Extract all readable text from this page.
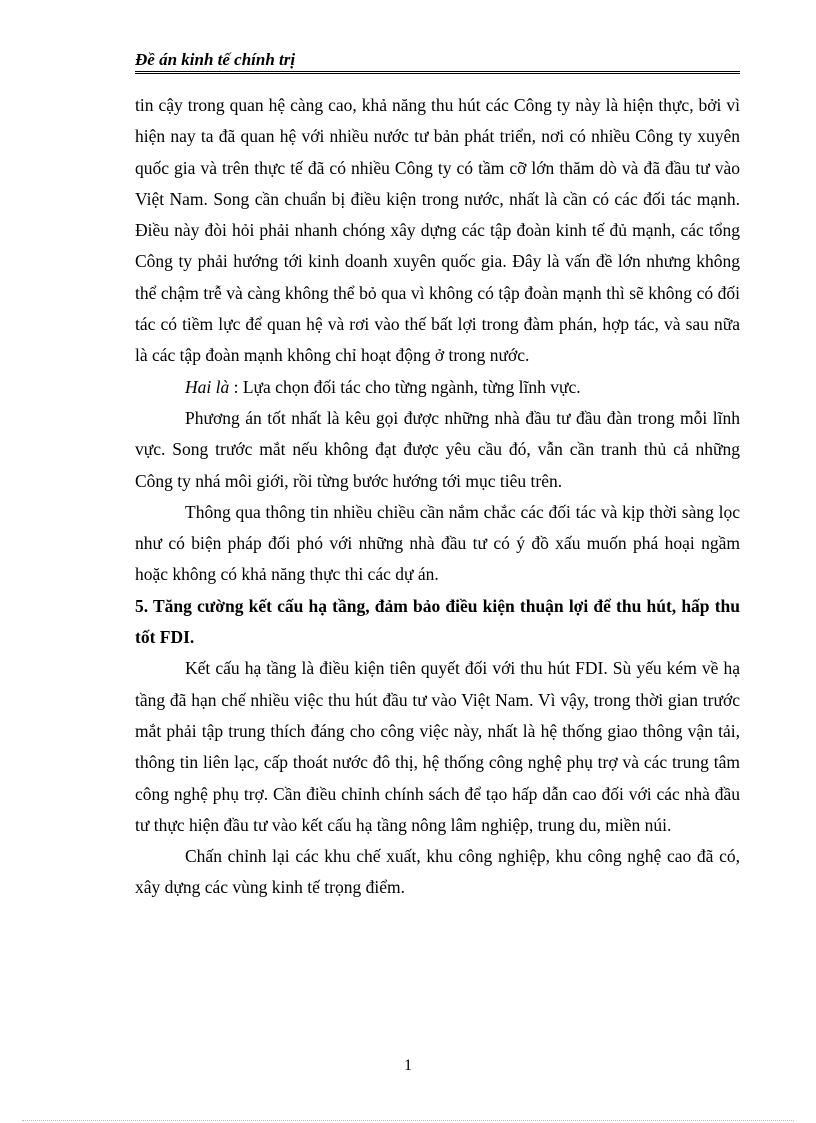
Đề án kinh tế chính trị

tin cậy trong quan hệ càng cao, khả năng thu hút các Công ty này là hiện thực, bởi vì hiện nay ta đã quan hệ với nhiều nước tư bản phát triển, nơi có nhiều Công ty xuyên quốc gia và trên thực tế đã có nhiều Công ty có tầm cỡ lớn thăm dò và đã đầu tư vào Việt Nam. Song cần chuẩn bị điều kiện trong nước, nhất là cần có các đối tác mạnh. Điều này đòi hỏi phải nhanh chóng xây dựng các tập đoàn kinh tế đủ mạnh, các tổng Công ty phải hướng tới kinh doanh xuyên quốc gia. Đây là vấn đề lớn nhưng không thể chậm trễ và càng không thể bỏ qua vì không có tập đoàn mạnh thì sẽ không có đối tác có tiềm lực để quan hệ và rơi vào thế bất lợi trong đàm phán, hợp tác, và sau nữa là các tập đoàn mạnh không chỉ hoạt động ở trong nước.

Hai là : Lựa chọn đối tác cho từng ngành, từng lĩnh vực.

Phương án tốt nhất là kêu gọi được những nhà đầu tư đầu đàn trong mỗi lĩnh vực. Song trước mắt nếu không đạt được yêu cầu đó, vẫn cần tranh thủ cả những Công ty nhá môi giới, rồi từng bước hướng tới mục tiêu trên.

Thông qua thông tin nhiều chiều cần nắm chắc các đối tác và kịp thời sàng lọc như có biện pháp đối phó với những nhà đầu tư có ý đồ xấu muốn phá hoại ngầm hoặc không có khả năng thực thi các dự án.

5. Tăng cường kết cấu hạ tầng, đảm bảo điều kiện thuận lợi để thu hút, hấp thu tốt FDI.

Kết cấu hạ tầng là điều kiện tiên quyết đối với thu hút FDI. Sù yếu kém về hạ tầng đã hạn chế nhiều việc thu hút đầu tư vào Việt Nam. Vì vậy, trong thời gian trước mắt phải tập trung thích đáng cho công việc này, nhất là hệ thống giao thông vận tải, thông tin liên lạc, cấp thoát nước đô thị, hệ thống công nghệ phụ trợ và các trung tâm công nghệ phụ trợ. Cần điều chỉnh chính sách để tạo hấp dẫn cao đối với các nhà đầu tư thực hiện đầu tư vào kết cấu hạ tầng nông lâm nghiệp, trung du, miền núi.

Chấn chỉnh lại các khu chế xuất, khu công nghiệp, khu công nghệ cao đã có, xây dựng các vùng kinh tế trọng điểm.

1
